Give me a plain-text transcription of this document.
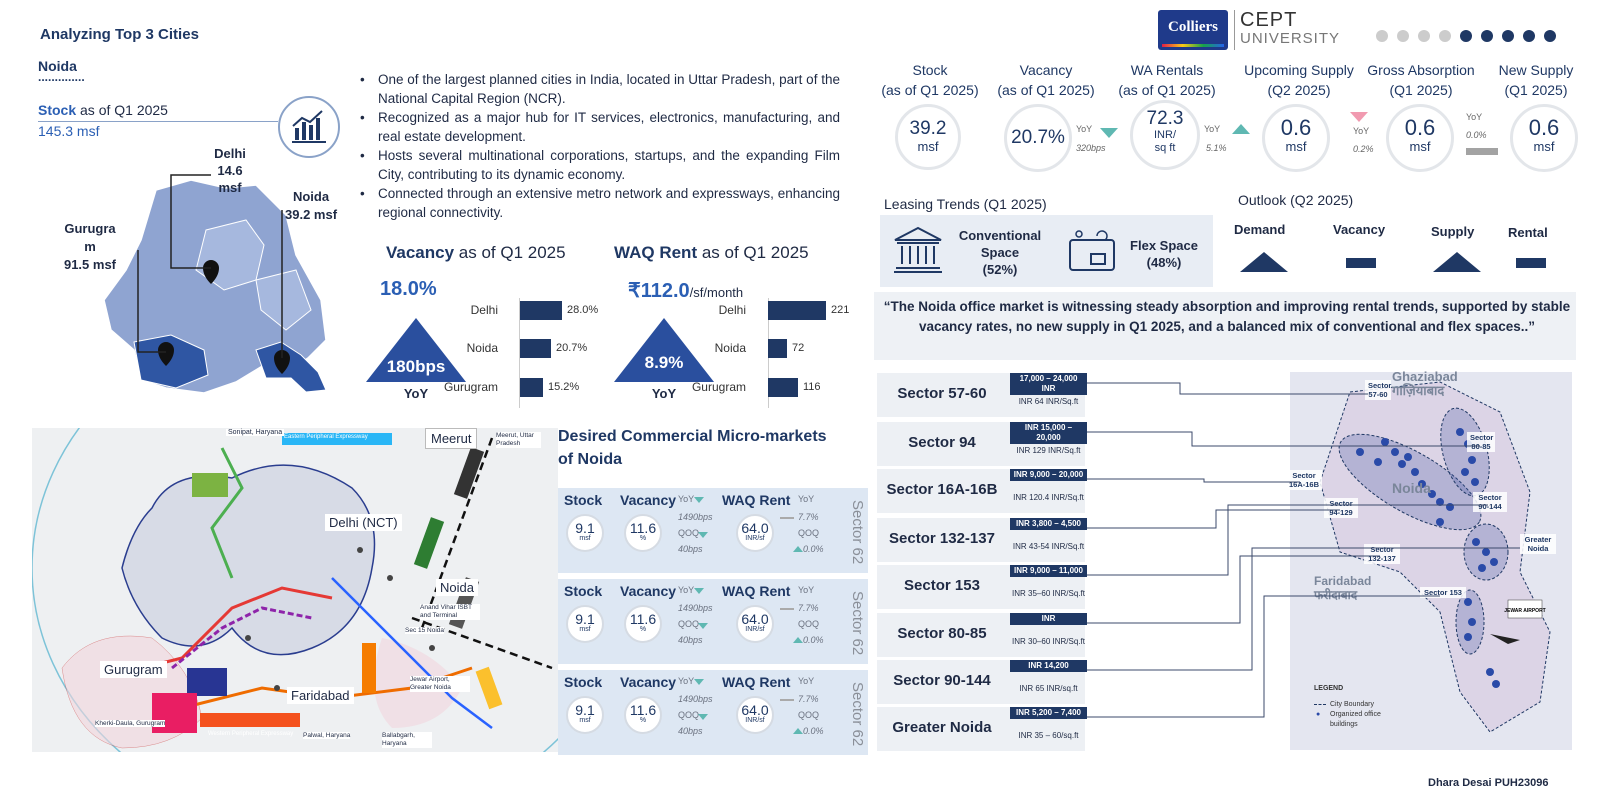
Analyzing Top 3 Cities
Noida
..............
Colliers	CEPT
UNIVERSITY
Stock as of Q1 2025
145.3 msf
Delhi
14.6
msf
Noida
39.2 msf
Gurugra
m
91.5 msf
• One of the largest planned cities in India, located in Uttar Pradesh, part of the National Capital Region (NCR).
• Recognized as a major hub for IT services, electronics, manufacturing, and real estate development.
• Hosts several multinational corporations, startups, and the expanding Film City, contributing to its dynamic economy.
• Connected through an extensive metro network and expressways, enhancing regional connectivity.
Vacancy as of Q1 2025
18.0%
180bps
YoY
Delhi	28.0%
Noida	20.7%
Gurugram	15.2%
WAQ Rent as of Q1 2025
₹112.0/sf/month
8.9%
YoY
Delhi	221
Noida	72
Gurugram	116
Stock
(as of Q1 2025)
39.2
msf
Vacancy
(as of Q1 2025)
20.7%	YoY
320bps
WA Rentals
(as of Q1 2025)
72.3
INR/
sq ft
YoY
5.1%
Upcoming Supply
(Q2 2025)
YoY
0.2%
0.6
msf
Gross Absorption
(Q1 2025)
0.6
msf
YoY
0.0%
New Supply
(Q1 2025)
0.6
msf
Leasing Trends (Q1 2025)
Conventional
Space
(52%)
Flex Space
(48%)
Outlook (Q2 2025)
Demand	Vacancy	Supply	Rental
“The Noida office market is witnessing steady absorption and improving rental trends, supported by stable vacancy rates, no new supply in Q1 2025, and a balanced mix of conventional and flex spaces..”
Meerut
Delhi (NCT)
Noida
Gurugram
Faridabad
Sonipat, Haryana
Eastern Peripheral Expressway	Meerut, Uttar Pradesh
Anand Vihar ISBT and Terminal
Sec 15 Noida
Jewar Airport, Greater Noida
Kherki-Daula, Gurugram
Western Peripheral Expressway Palwal, Haryana	Ballabgarh, Haryana
Desired Commercial Micro-markets
of Noida
Stock Vacancy	WAQ Rent YoY
9.1
msf
11.6
%
YoY
1490bps
QOQ
40bps
64.0
INR/sf
7.7%
QOQ
0.0%	Sector 62
Stock Vacancy	WAQ Rent YoY
9.1
msf
11.6
%
YoY
1490bps
QOQ
40bps
64.0
INR/sf
7.7%
QOQ
0.0%	Sector 62
Stock Vacancy	WAQ Rent YoY
9.1
msf
11.6
%
YoY
1490bps
QOQ
40bps
64.0
INR/sf
7.7%
QOQ
0.0%	Sector 62
Sector 57-60
17,000 – 24,000 INR
INR 64 INR/Sq.ft
Sector 94
INR 15,000 – 20,000
INR 129 INR/Sq.ft
Sector 16A-16B
INR 9,000 – 20,000
INR 120.4 INR/Sq.ft
Sector 132-137
INR 3,800 – 4,500
INR 43-54 INR/Sq.ft
Sector 153
INR 9,000 – 11,000
INR 35–60 INR/Sq.ft
Sector 80-85
INR
INR 30–60 INR/Sq.ft
Sector 90-144
INR 14,200
INR 65 INR/sq.ft
Greater Noida
INR 5,200 – 7,400
INR 35 – 60/sq.ft
JEWAR AIRPORT
Ghaziabad
गाज़ियाबाद
Noida
Faridabad
फरीदाबाद
Sector 57-60
Sector 80-85
Sector 16A-16B
Sector 94-129
Sector 90-144
Sector 132-137
Greater Noida
Sector 153
LEGEND
City Boundary
● Organized office buildings
Dhara Desai PUH23096
